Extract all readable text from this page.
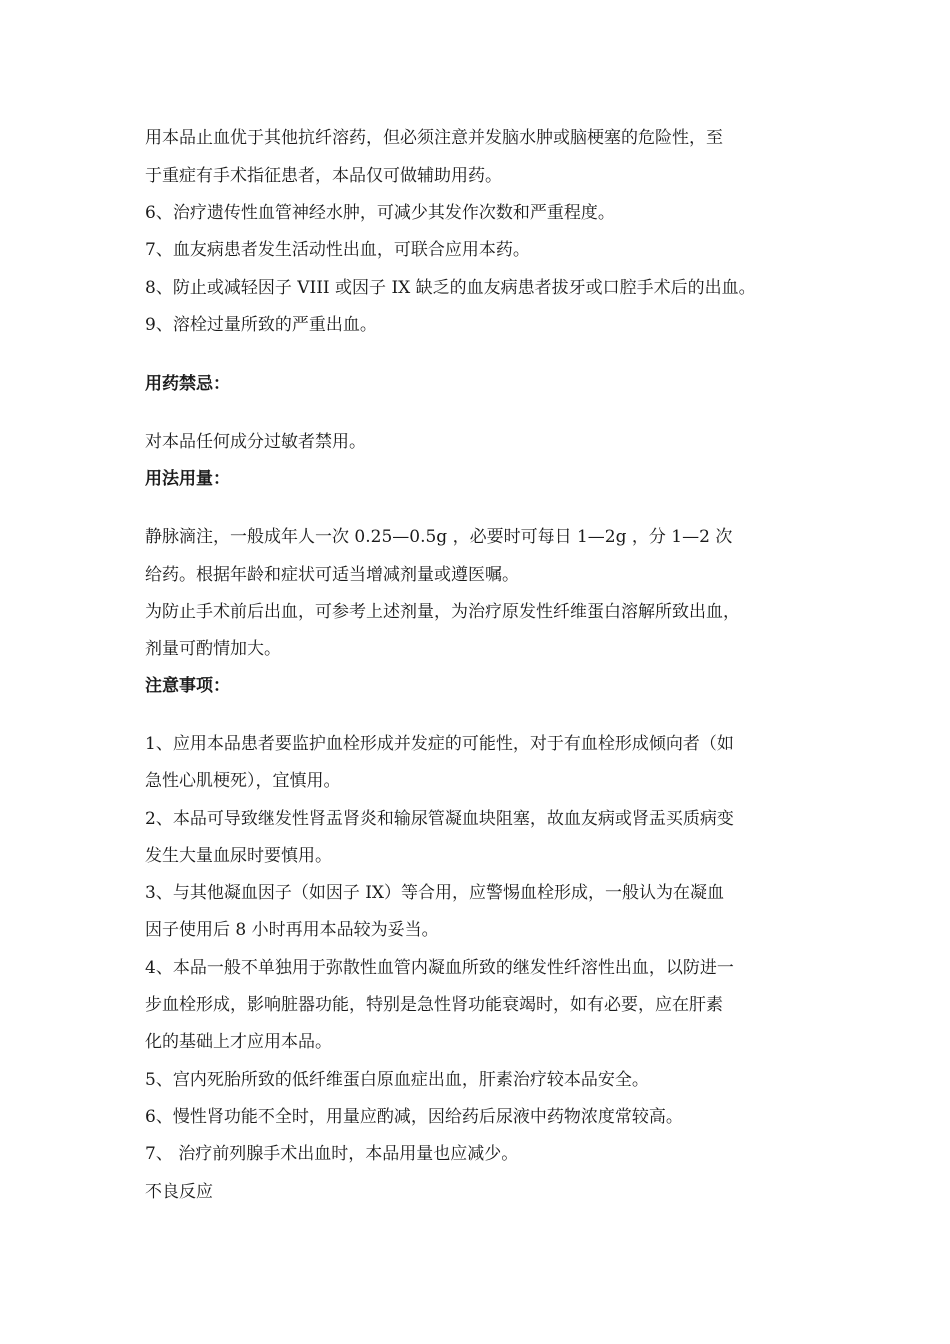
用本品止血优于其他抗纤溶药，但必须注意并发脑水肿或脑梗塞的危险性，至
于重症有手术指征患者，本品仅可做辅助用药。
6、治疗遗传性血管神经水肿，可减少其发作次数和严重程度。
7、血友病患者发生活动性出血，可联合应用本药。
8、防止或减轻因子 VIII 或因子 IX 缺乏的血友病患者拔牙或口腔手术后的出血。
9、溶栓过量所致的严重出血。
用药禁忌：
对本品任何成分过敏者禁用。
用法用量：
静脉滴注，一般成年人一次 0.25—0.5g ，必要时可每日 1—2g ，分 1—2 次
给药。根据年龄和症状可适当增减剂量或遵医嘱。
为防止手术前后出血，可参考上述剂量，为治疗原发性纤维蛋白溶解所致出血，
剂量可酌情加大。
注意事项：
1、应用本品患者要监护血栓形成并发症的可能性，对于有血栓形成倾向者（如
急性心肌梗死），宜慎用。
2、本品可导致继发性肾盂肾炎和输尿管凝血块阻塞，故血友病或肾盂买质病变
发生大量血尿时要慎用。
3、与其他凝血因子（如因子 IX）等合用，应警惕血栓形成，一般认为在凝血
因子使用后 8 小时再用本品较为妥当。
4、本品一般不单独用于弥散性血管内凝血所致的继发性纤溶性出血，以防进一
步血栓形成，影响脏器功能，特别是急性肾功能衰竭时，如有必要，应在肝素
化的基础上才应用本品。
5、宫内死胎所致的低纤维蛋白原血症出血，肝素治疗较本品安全。
6、慢性肾功能不全时，用量应酌减，因给药后尿液中药物浓度常较高。
7、 治疗前列腺手术出血时，本品用量也应减少。
不良反应
